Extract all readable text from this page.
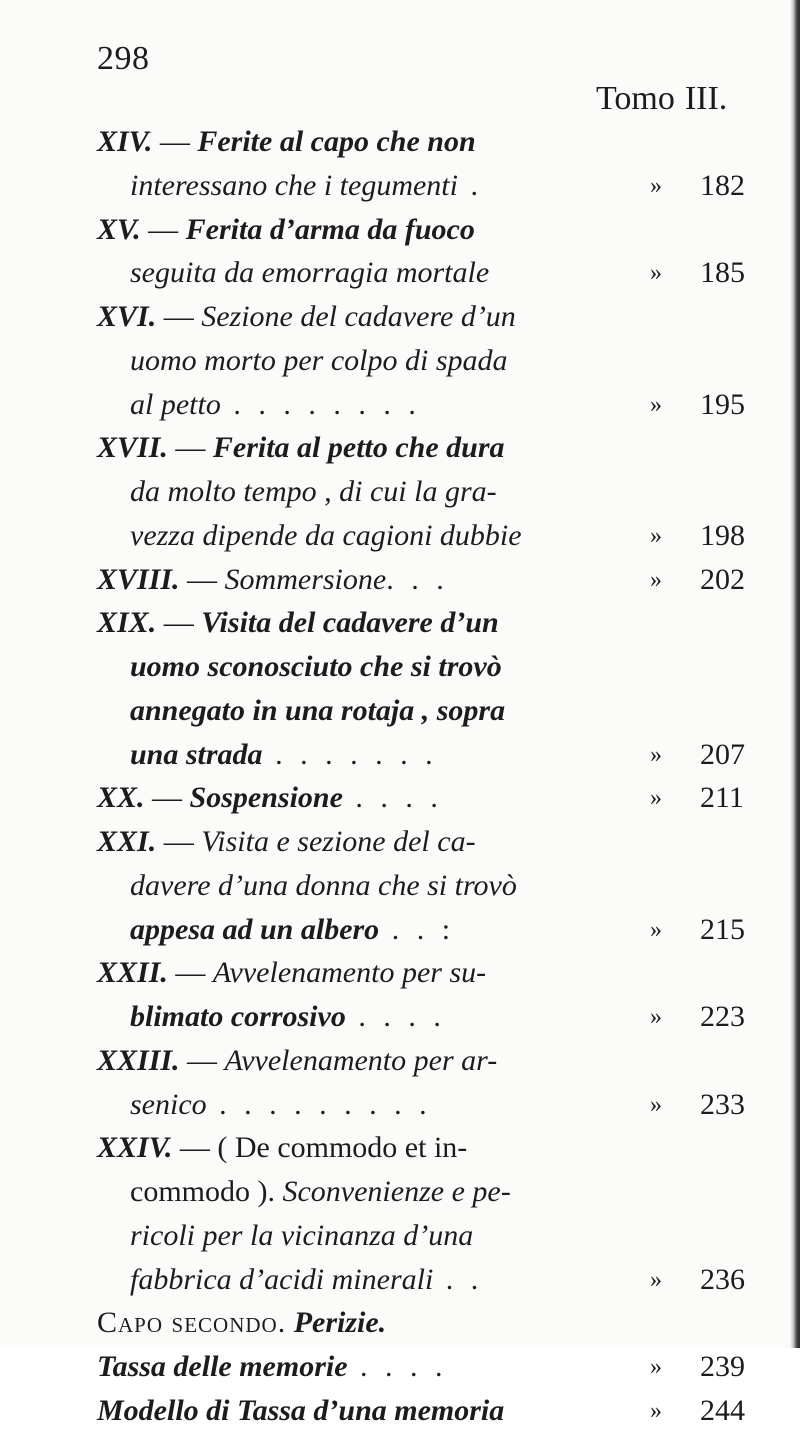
298
Tomo III.
XIV. — Ferite al capo che non
interessano che i tegumenti .	» 182
XV. — Ferita d’arma da fuoco
seguita da emorragia mortale	» 185
XVI. — Sezione del cadavere d’un
uomo morto per colpo di spada
al petto . . . . . . . .	» 195
XVII. — Ferita al petto che dura
da molto tempo , di cui la gra-
vezza dipende da cagioni dubbie	» 198
XVIII. — Sommersione. . .	» 202
XIX. — Visita del cadavere d’un
uomo sconosciuto che si trovò
annegato in una rotaja , sopra
una strada . . . . . . .	» 207
XX. — Sospensione . . . .	» 211
XXI. — Visita e sezione del ca-
davere d’una donna che si trovò
appesa ad un albero . . :	» 215
XXII. — Avvelenamento per su-
blimato corrosivo . . . .	» 223
XXIII. — Avvelenamento per ar-
senico . . . . . . . . .	» 233
XXIV. — ( De commodo et in-
commodo ). Sconvenienze e pe-
ricoli per la vicinanza d’una
fabbrica d’acidi minerali . .	» 236
Capo secondo. Perizie.
Tassa delle memorie . . . .	» 239
Modello di Tassa d’una memoria	» 244
